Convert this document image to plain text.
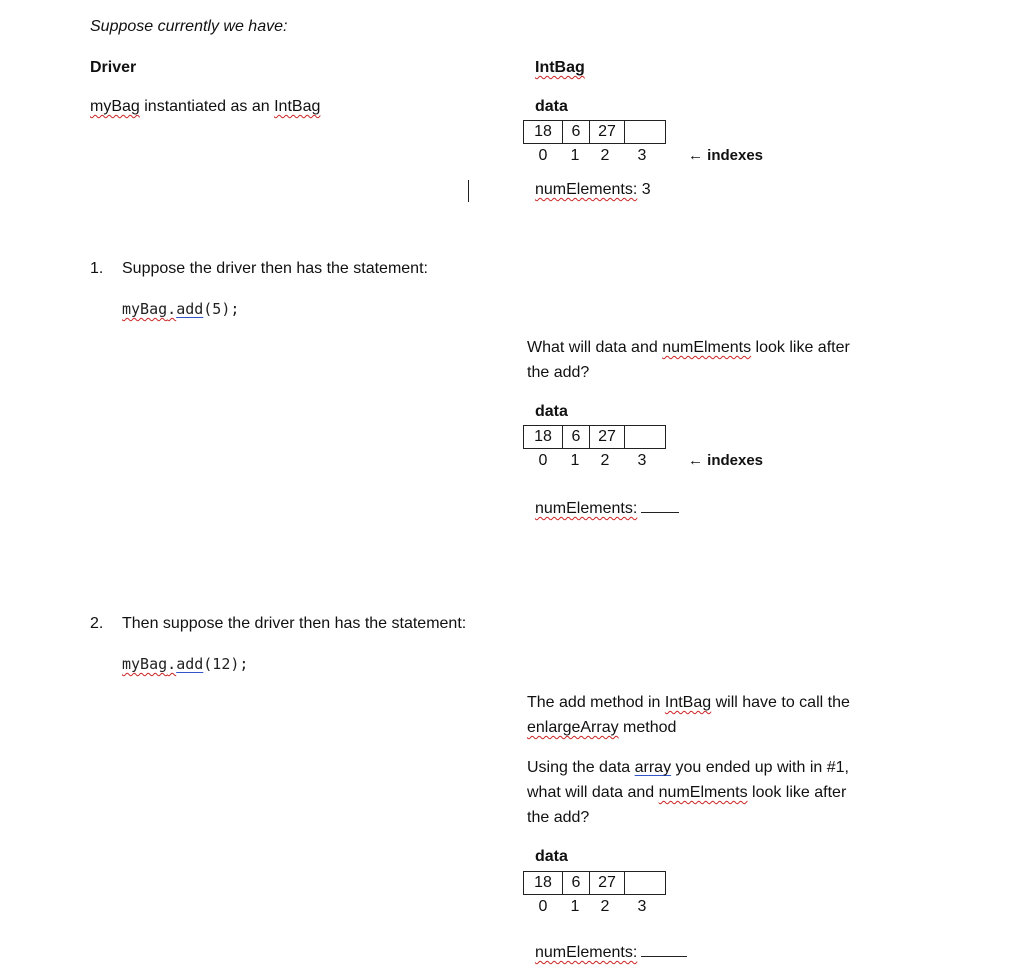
Suppose currently we have:
Driver	IntBag
myBag instantiated as an IntBag	data
18	6	27
0	1	2	3	← indexes
numElements: 3
1. Suppose the driver then has the statement:
myBag.add(5);
What will data and numElments look like after
the add?
data
18	6	27
0	1	2	3	← indexes
numElements:
2. Then suppose the driver then has the statement:
myBag.add(12);
The add method in IntBag will have to call the
enlargeArray method
Using the data array you ended up with in #1,
what will data and numElments look like after
the add?
data
18	6	27
0	1	2	3
numElements:
